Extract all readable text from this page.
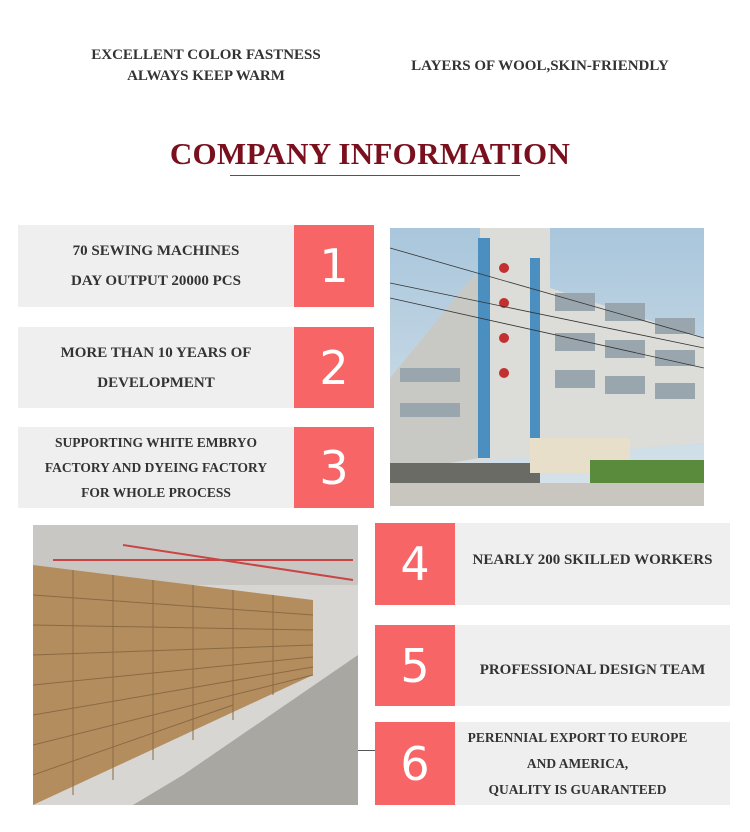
EXCELLENT COLOR FASTNESS
ALWAYS KEEP WARM
LAYERS OF WOOL,SKIN-FRIENDLY
COMPANY INFORMATION
70 SEWING MACHINES
DAY OUTPUT 20000 PCS	1
MORE THAN 10 YEARS OF
DEVELOPMENT	2
SUPPORTING WHITE EMBRYO
FACTORY AND DYEING FACTORY
FOR WHOLE PROCESS	3
4	NEARLY 200 SKILLED WORKERS
5	PROFESSIONAL DESIGN TEAM
6	PERENNIAL EXPORT TO EUROPE
AND AMERICA,
QUALITY IS GUARANTEED
